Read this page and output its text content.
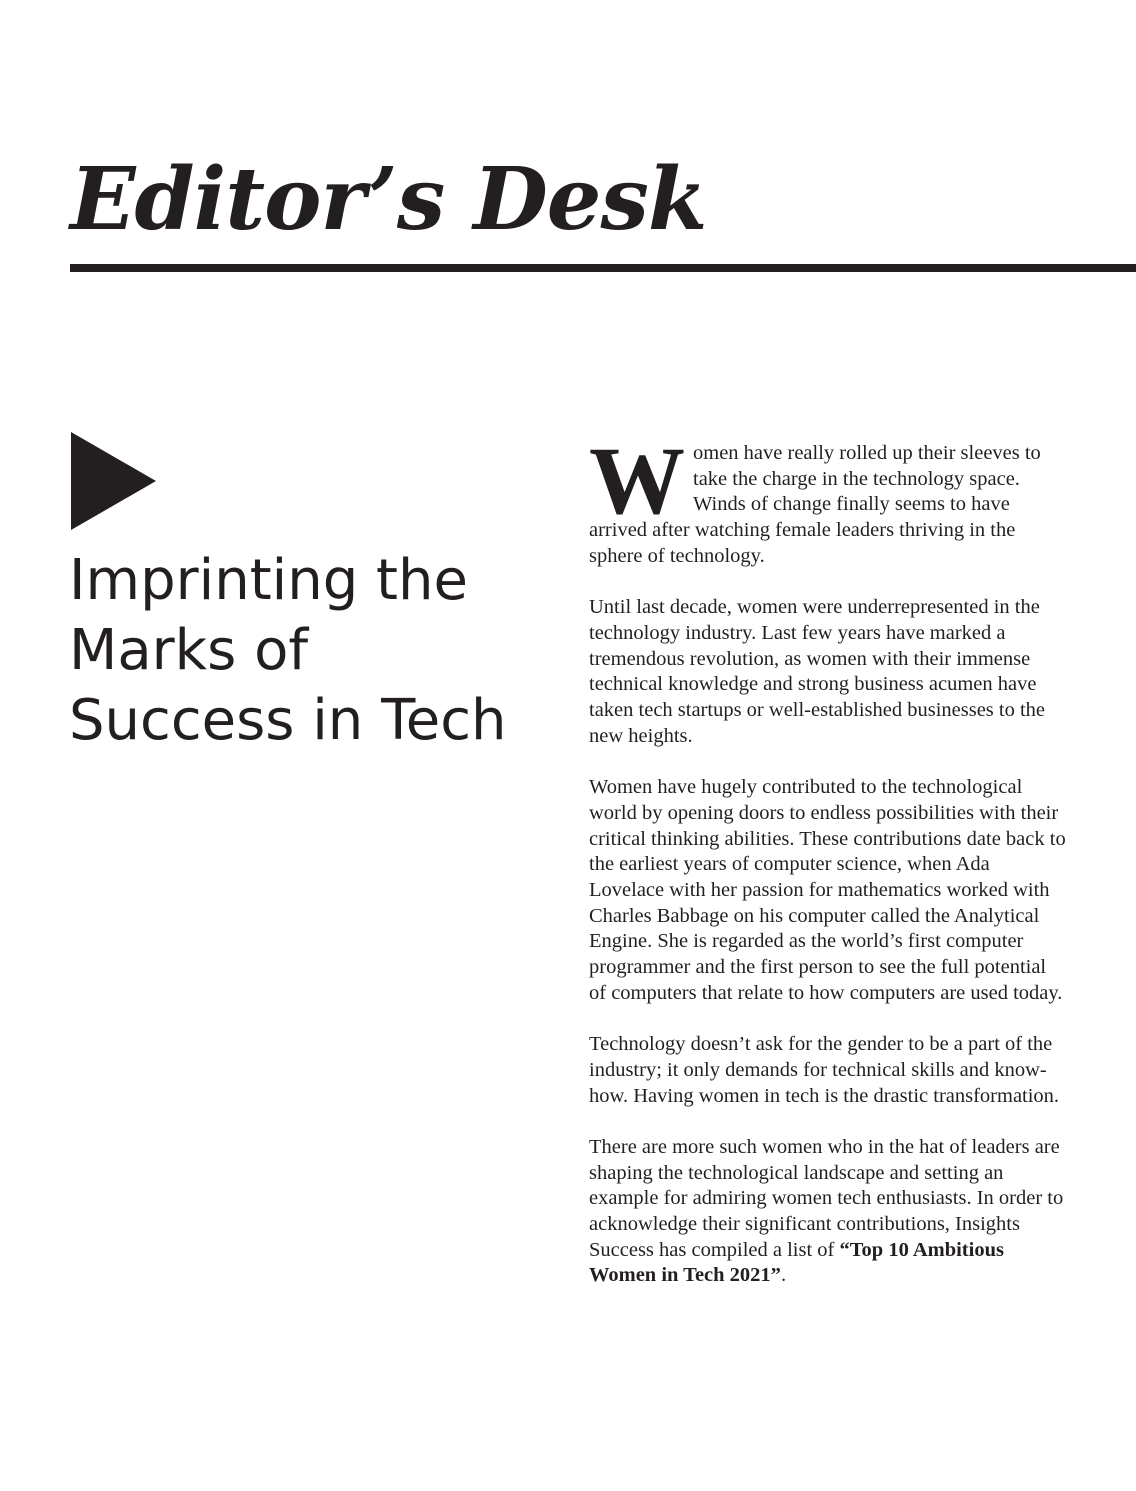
Editor’s Desk
Imprinting the
Marks of
Success in Tech

Women have really rolled up their sleeves to take the charge in the technology space. Winds of change finally seems to have arrived after watching female leaders thriving in the sphere of technology.

Until last decade, women were underrepresented in the technology industry. Last few years have marked a tremendous revolution, as women with their immense technical knowledge and strong business acumen have taken tech startups or well-established businesses to the new heights.

Women have hugely contributed to the technological world by opening doors to endless possibilities with their critical thinking abilities. These contributions date back to the earliest years of computer science, when Ada Lovelace with her passion for mathematics worked with Charles Babbage on his computer called the Analytical Engine. She is regarded as the world’s first computer programmer and the first person to see the full potential of computers that relate to how computers are used today.

Technology doesn’t ask for the gender to be a part of the industry; it only demands for technical skills and know-how. Having women in tech is the drastic transformation.

There are more such women who in the hat of leaders are shaping the technological landscape and setting an example for admiring women tech enthusiasts. In order to acknowledge their significant contributions, Insights Success has compiled a list of “Top 10 Ambitious Women in Tech 2021”.
